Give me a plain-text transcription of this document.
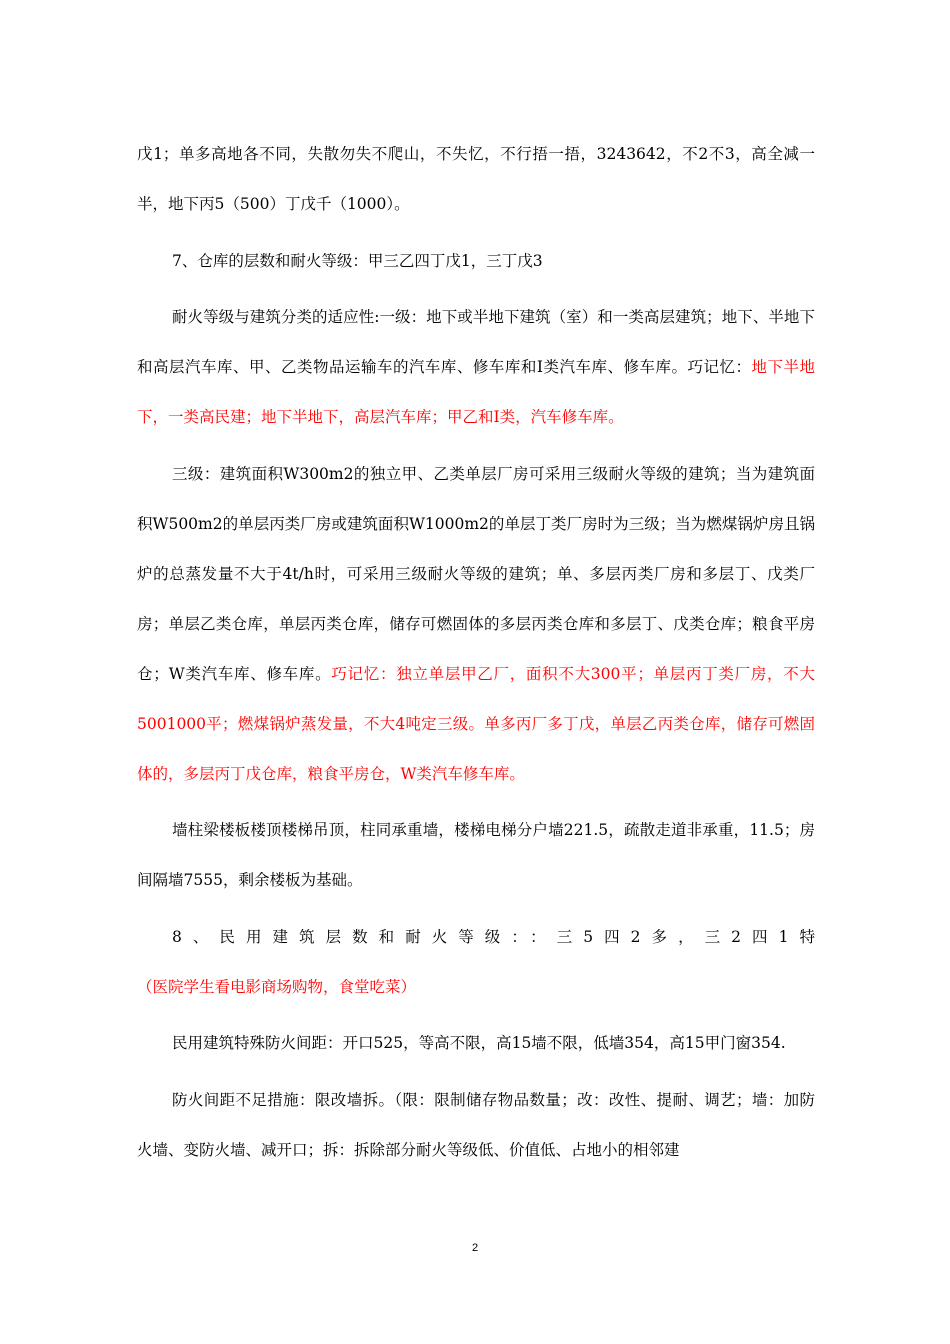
戊1；单多高地各不同，失散勿失不爬山，不失忆，不行捂一捂，3243642，不2不3，高全减一半，地下丙5（500）丁戊千（1000）。

7、仓库的层数和耐火等级：甲三乙四丁戊1，三丁戊3

耐火等级与建筑分类的适应性:一级：地下或半地下建筑（室）和一类高层建筑；地下、半地下和高层汽车库、甲、乙类物品运输车的汽车库、修车库和Ⅰ类汽车库、修车库。巧记忆：地下半地下，一类高民建；地下半地下，高层汽车库；甲乙和Ⅰ类，汽车修车库。

三级：建筑面积W300m2的独立甲、乙类单层厂房可采用三级耐火等级的建筑；当为建筑面积W500m2的单层丙类厂房或建筑面积W1000m2的单层丁类厂房时为三级；当为燃煤锅炉房且锅炉的总蒸发量不大于4t/h时，可采用三级耐火等级的建筑；单、多层丙类厂房和多层丁、戊类厂房；单层乙类仓库，单层丙类仓库，储存可燃固体的多层丙类仓库和多层丁、戊类仓库；粮食平房仓；W类汽车库、修车库。巧记忆：独立单层甲乙厂，面积不大300平；单层丙丁类厂房，不大5001000平；燃煤锅炉蒸发量，不大4吨定三级。单多丙厂多丁戊，单层乙丙类仓库，储存可燃固体的，多层丙丁戊仓库，粮食平房仓，W类汽车修车库。

墙柱梁楼板楼顶楼梯吊顶，柱同承重墙，楼梯电梯分户墙221.5，疏散走道非承重，11.5；房间隔墙7555，剩余楼板为基础。

8、民用建筑层数和耐火等级：：三5四2多，三2四1特（医院学生看电影商场购物，食堂吃菜）

民用建筑特殊防火间距：开口525，等高不限，高15墙不限，低墙354，高15甲门窗354.

防火间距不足措施：限改墙拆。（限：限制储存物品数量；改：改性、提耐、调艺；墙：加防火墙、变防火墙、减开口；拆：拆除部分耐火等级低、价值低、占地小的相邻建

2
